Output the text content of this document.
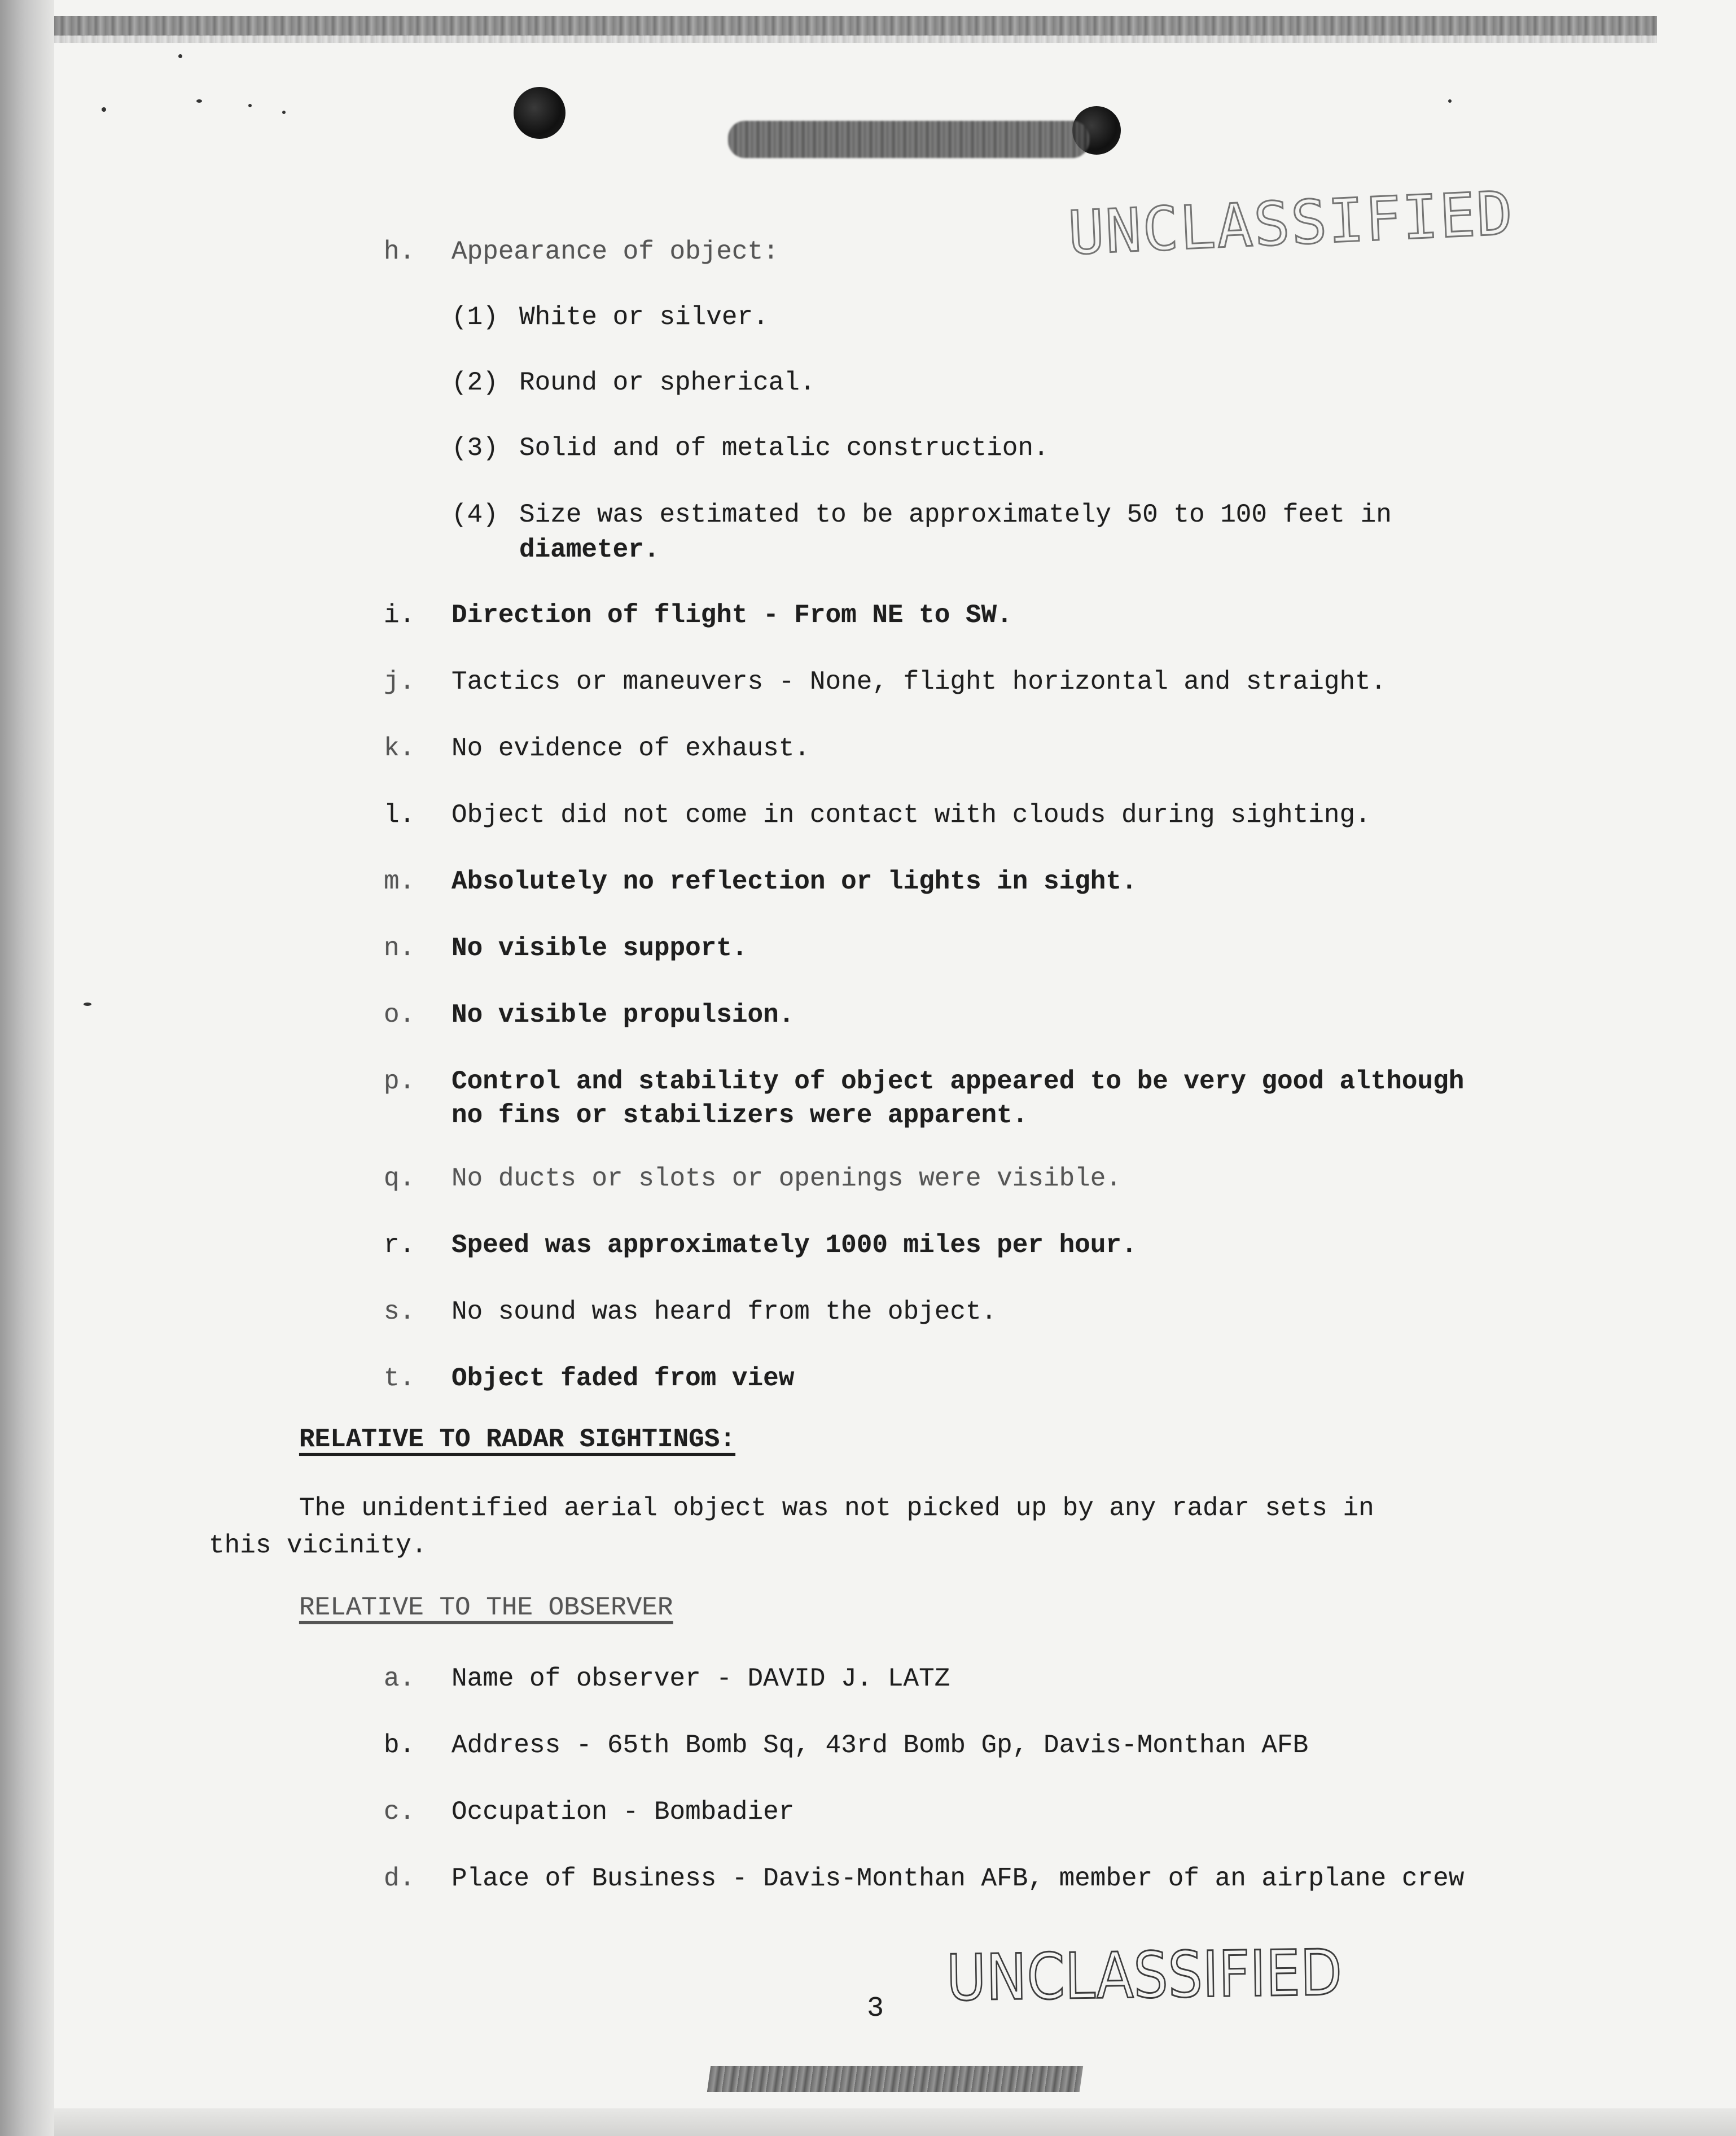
UNCLASSIFIED
h. Appearance of object:
(1) White or silver.
(2) Round or spherical.
(3) Solid and of metalic construction.
(4) Size was estimated to be approximately 50 to 100 feet in
diameter.
i. Direction of flight - From NE to SW.
j. Tactics or maneuvers - None, flight horizontal and straight.
k. No evidence of exhaust.
l. Object did not come in contact with clouds during sighting.
m. Absolutely no reflection or lights in sight.
n. No visible support.
o. No visible propulsion.
p. Control and stability of object appeared to be very good although
no fins or stabilizers were apparent.
q. No ducts or slots or openings were visible.
r. Speed was approximately 1000 miles per hour.
s. No sound was heard from the object.
t. Object faded from view
RELATIVE TO RADAR SIGHTINGS:
The unidentified aerial object was not picked up by any radar sets in
this vicinity.
RELATIVE TO THE OBSERVER
a. Name of observer - DAVID J. LATZ
b. Address - 65th Bomb Sq, 43rd Bomb Gp, Davis-Monthan AFB
c. Occupation - Bombadier
d. Place of Business - Davis-Monthan AFB, member of an airplane crew
3 UNCLASSIFIED
